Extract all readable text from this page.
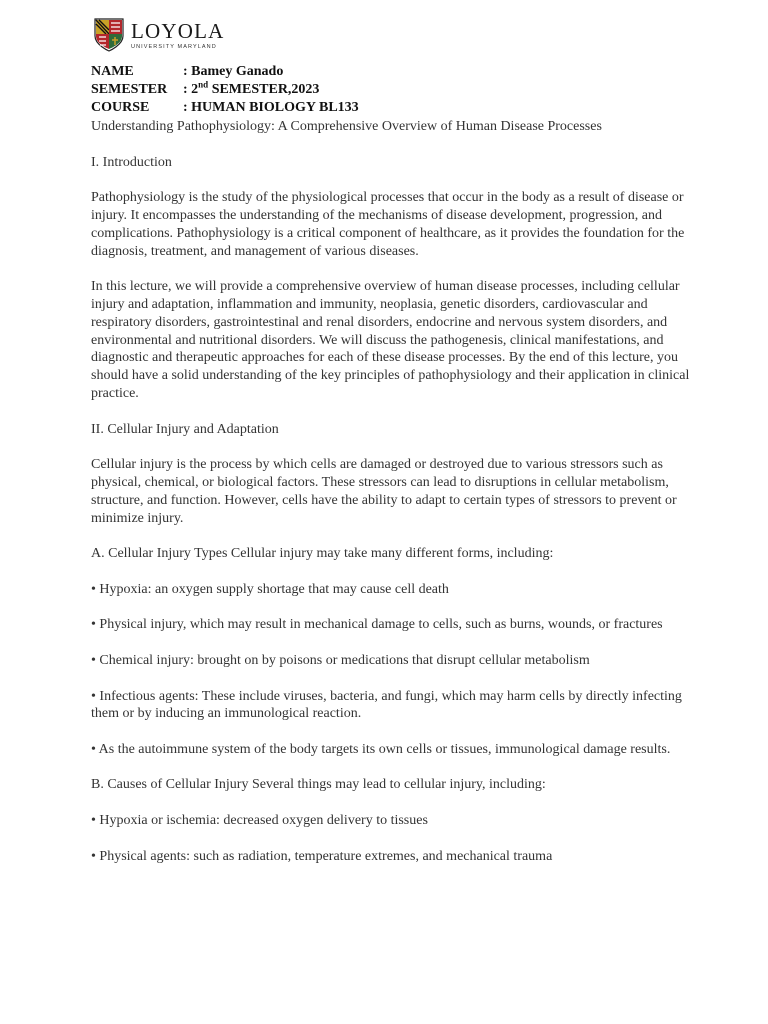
LOYOLA
UNIVERSITY MARYLAND
NAME	: Bamey Ganado
SEMESTER	: 2nd SEMESTER,2023
COURSE	: HUMAN BIOLOGY BL133

Understanding Pathophysiology: A Comprehensive Overview of Human Disease Processes

I. Introduction

Pathophysiology is the study of the physiological processes that occur in the body as a result of disease or injury. It encompasses the understanding of the mechanisms of disease development, progression, and complications. Pathophysiology is a critical component of healthcare, as it provides the foundation for the diagnosis, treatment, and management of various diseases.

In this lecture, we will provide a comprehensive overview of human disease processes, including cellular injury and adaptation, inflammation and immunity, neoplasia, genetic disorders, cardiovascular and respiratory disorders, gastrointestinal and renal disorders, endocrine and nervous system disorders, and environmental and nutritional disorders. We will discuss the pathogenesis, clinical manifestations, and diagnostic and therapeutic approaches for each of these disease processes. By the end of this lecture, you should have a solid understanding of the key principles of pathophysiology and their application in clinical practice.

II. Cellular Injury and Adaptation

Cellular injury is the process by which cells are damaged or destroyed due to various stressors such as physical, chemical, or biological factors. These stressors can lead to disruptions in cellular metabolism, structure, and function. However, cells have the ability to adapt to certain types of stressors to prevent or minimize injury.

A. Cellular Injury Types Cellular injury may take many different forms, including:

• Hypoxia: an oxygen supply shortage that may cause cell death

• Physical injury, which may result in mechanical damage to cells, such as burns, wounds, or fractures

• Chemical injury: brought on by poisons or medications that disrupt cellular metabolism

• Infectious agents: These include viruses, bacteria, and fungi, which may harm cells by directly infecting them or by inducing an immunological reaction.

• As the autoimmune system of the body targets its own cells or tissues, immunological damage results.

B. Causes of Cellular Injury Several things may lead to cellular injury, including:

• Hypoxia or ischemia: decreased oxygen delivery to tissues

• Physical agents: such as radiation, temperature extremes, and mechanical trauma
